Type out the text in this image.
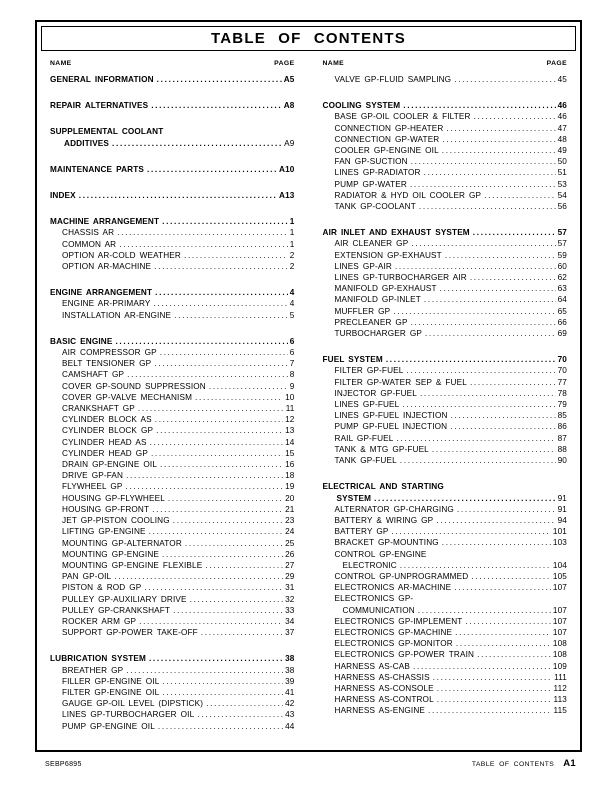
TABLE OF CONTENTS
NAME	PAGE
GENERAL INFORMATION .....	A5
REPAIR ALTERNATIVES .....	A8
SUPPLEMENTAL COOLANT
ADDITIVES .....	A9
MAINTENANCE PARTS .....	A10
INDEX .....	A13
MACHINE ARRANGEMENT .....	1
CHASSIS AR .....	1
COMMON AR .....	1
OPTION AR-COLD WEATHER .....	2
OPTION AR-MACHINE .....	2
ENGINE ARRANGEMENT .....	4
ENGINE AR-PRIMARY .....	4
INSTALLATION AR-ENGINE .....	5
BASIC ENGINE .....	6
AIR COMPRESSOR GP .....	6
BELT TENSIONER GP .....	7
CAMSHAFT GP .....	8
COVER GP-SOUND SUPPRESSION .....	9
COVER GP-VALVE MECHANISM .....	10
CRANKSHAFT GP .....	11
CYLINDER BLOCK AS .....	12
CYLINDER BLOCK GP .....	13
CYLINDER HEAD AS .....	14
CYLINDER HEAD GP .....	15
DRAIN GP-ENGINE OIL .....	16
DRIVE GP-FAN .....	18
FLYWHEEL GP .....	19
HOUSING GP-FLYWHEEL .....	20
HOUSING GP-FRONT .....	21
JET GP-PISTON COOLING .....	23
LIFTING GP-ENGINE .....	24
MOUNTING GP-ALTERNATOR .....	25
MOUNTING GP-ENGINE .....	26
MOUNTING GP-ENGINE FLEXIBLE .....	27
PAN GP-OIL .....	29
PISTON & ROD GP .....	31
PULLEY GP-AUXILIARY DRIVE .....	32
PULLEY GP-CRANKSHAFT .....	33
ROCKER ARM GP .....	34
SUPPORT GP-POWER TAKE-OFF .....	37
LUBRICATION SYSTEM .....	38
BREATHER GP .....	38
FILLER GP-ENGINE OIL .....	39
FILTER GP-ENGINE OIL .....	41
GAUGE GP-OIL LEVEL (DIPSTICK) .....	42
LINES GP-TURBOCHARGER OIL .....	43
PUMP GP-ENGINE OIL .....	44
NAME	PAGE
VALVE GP-FLUID SAMPLING .....	45
COOLING SYSTEM .....	46
BASE GP-OIL COOLER & FILTER .....	46
CONNECTION GP-HEATER .....	47
CONNECTION GP-WATER .....	48
COOLER GP-ENGINE OIL .....	49
FAN GP-SUCTION .....	50
LINES GP-RADIATOR .....	51
PUMP GP-WATER .....	53
RADIATOR & HYD OIL COOLER GP .....	54
TANK GP-COOLANT .....	56
AIR INLET AND EXHAUST SYSTEM .....	57
AIR CLEANER GP .....	57
EXTENSION GP-EXHAUST .....	59
LINES GP-AIR .....	60
LINES GP-TURBOCHARGER AIR .....	62
MANIFOLD GP-EXHAUST .....	63
MANIFOLD GP-INLET .....	64
MUFFLER GP .....	65
PRECLEANER GP .....	66
TURBOCHARGER GP .....	69
FUEL SYSTEM .....	70
FILTER GP-FUEL .....	70
FILTER GP-WATER SEP & FUEL .....	77
INJECTOR GP-FUEL .....	78
LINES GP-FUEL .....	79
LINES GP-FUEL INJECTION .....	85
PUMP GP-FUEL INJECTION .....	86
RAIL GP-FUEL .....	87
TANK & MTG GP-FUEL .....	88
TANK GP-FUEL .....	90
ELECTRICAL AND STARTING
SYSTEM .....	91
ALTERNATOR GP-CHARGING .....	91
BATTERY & WIRING GP .....	94
BATTERY GP .....	101
BRACKET GP-MOUNTING .....	103
CONTROL GP-ENGINE
ELECTRONIC .....	104
CONTROL GP-UNPROGRAMMED .....	105
ELECTRONICS AR-MACHINE .....	107
ELECTRONICS GP-
COMMUNICATION .....	107
ELECTRONICS GP-IMPLEMENT .....	107
ELECTRONICS GP-MACHINE .....	107
ELECTRONICS GP-MONITOR .....	108
ELECTRONICS GP-POWER TRAIN .....	108
HARNESS AS-CAB .....	109
HARNESS AS-CHASSIS .....	111
HARNESS AS-CONSOLE .....	112
HARNESS AS-CONTROL .....	113
HARNESS AS-ENGINE .....	115
SEBP6895	TABLE OF CONTENTS A1
